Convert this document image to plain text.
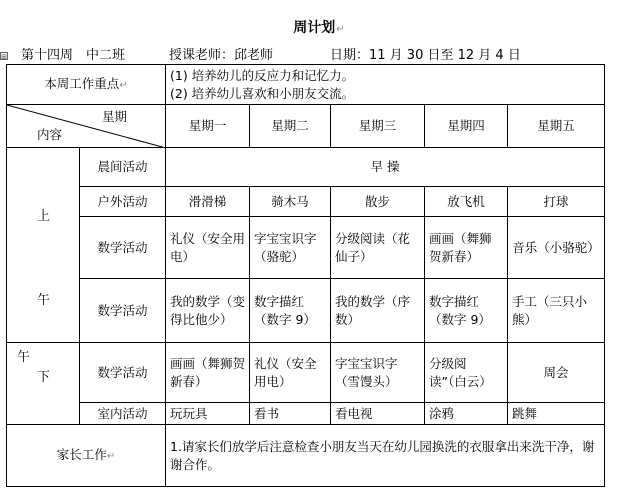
周计划↵
⊞ 第十四周 中二班	授课老师：邱老师	日期：11 月 30 日至 12 月 4 日
本周工作重点↵		(1) 培养幼儿的反应力和记忆力。
(2) 培养幼儿喜欢和小朋友交流。				

星期
内容		星期一	星期二	星期三	星期四	星期五

上
午	晨间活动	早 操				
	户外活动	滑滑梯	骑木马	散步	放飞机	打球
	数学活动	礼仪（安全用电）	字宝宝识字（骆驼）	分级阅读（花仙子）	画画（舞狮贺新春）	音乐（小骆驼）
	数学活动	我的数学（变得比他少）	数字描红（数字 9）	我的数学（序数）	数字描红（数字 9）	手工（三只小熊）

午
下	数学活动	画画（舞狮贺新春）	礼仪（安全用电）	字宝宝识字（雪馒头）	分级阅读”（白云）	周会
	室内活动	玩玩具	看书	看电视	涂鸦	跳舞
家长工作↵		1.请家长们放学后注意检查小朋友当天在幼儿园换洗的衣服拿出来洗干净，谢谢合作。				
